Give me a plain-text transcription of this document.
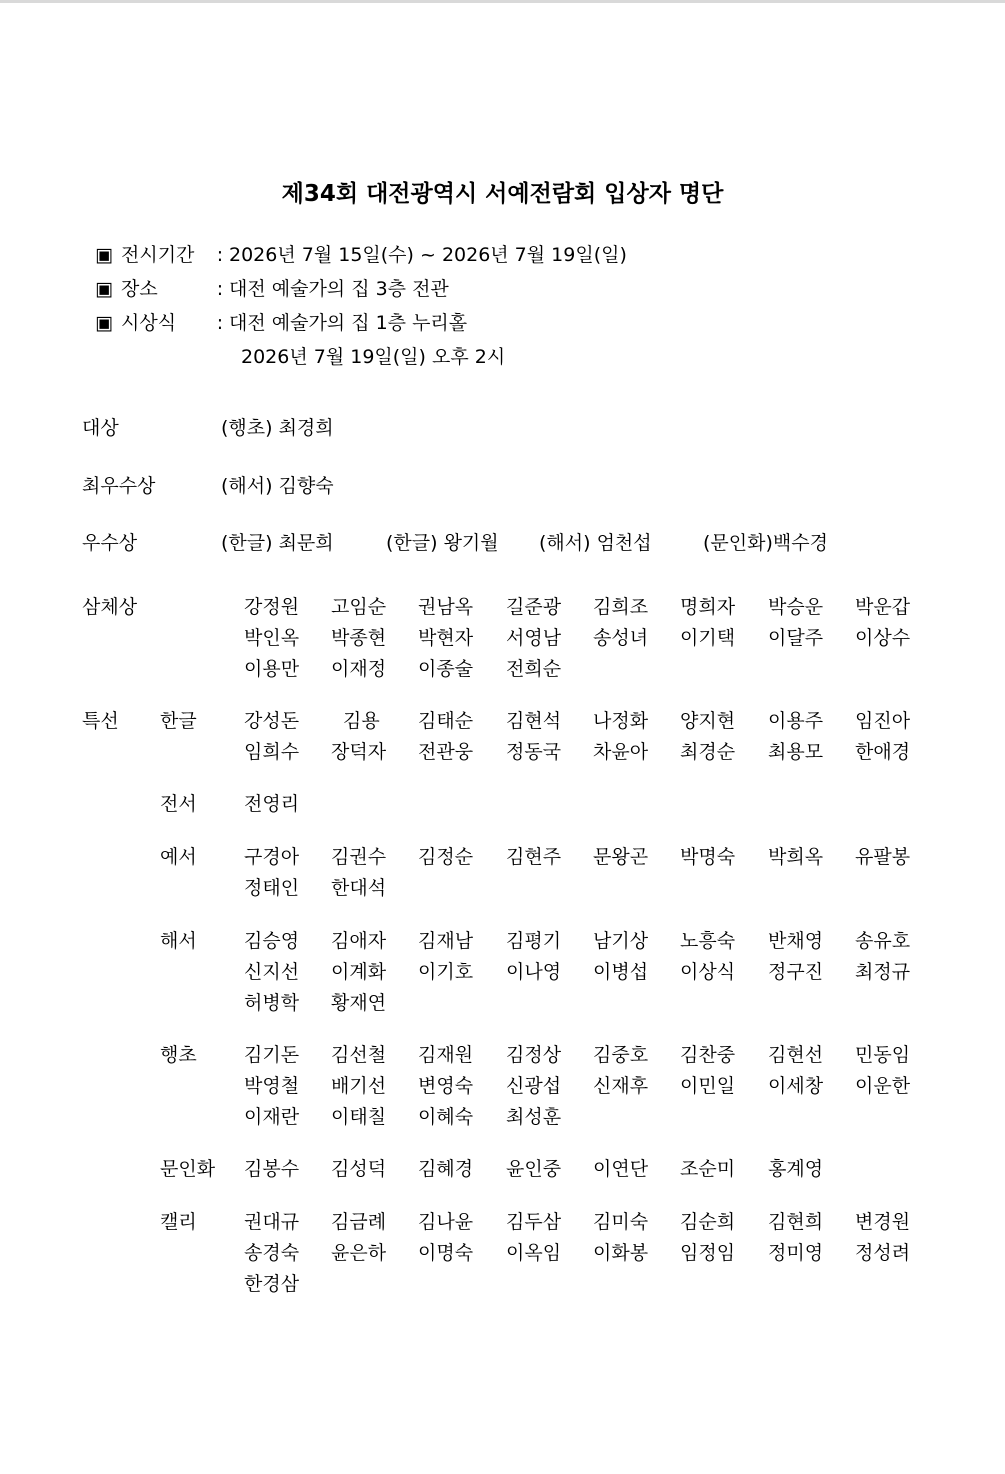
제34회 대전광역시 서예전람회 입상자 명단
▣ 전시기간 : 2026년 7월 15일(수) ~ 2026년 7월 19일(일)
▣ 장소	: 대전 예술가의 집 3층 전관
▣ 시상식 : 대전 예술가의 집 1층 누리홀
2026년 7월 19일(일) 오후 2시
대상	(행초) 최경희
최우수상	(해서) 김향숙
우수상	(한글) 최문희	(한글) 왕기월 (해서) 엄천섭	(문인화)백수경
삼체상	강정원 고임순 권남옥 길준광 김희조 명희자 박승운 박운갑
박인옥 박종현 박현자 서영남 송성녀 이기택 이달주 이상수
이용만 이재정 이종술 전희순
특선 한글 강성돈 김용 김태순 김현석 나정화 양지현 이용주 임진아
임희수 장덕자 전관웅 정동국 차윤아 최경순 최용모 한애경
전서 전영리
예서 구경아 김권수 김정순 김현주 문왕곤 박명숙 박희옥 유팔봉
정태인 한대석
해서 김승영 김애자 김재남 김평기 남기상 노흥숙 반채영 송유호
신지선 이계화 이기호 이나영 이병섭 이상식 정구진 최정규
허병학 황재연
행초 김기돈 김선철 김재원 김정상 김중호 김찬중 김현선 민동임
박영철 배기선 변영숙 신광섭 신재후 이민일 이세창 이운한
이재란 이태칠 이혜숙 최성훈
문인화 김봉수 김성덕 김혜경 윤인중 이연단 조순미 홍계영
캘리 권대규 김금례 김나윤 김두삼 김미숙 김순희 김현희 변경원
송경숙 윤은하 이명숙 이옥임 이화봉 임정임 정미영 정성려
한경삼
